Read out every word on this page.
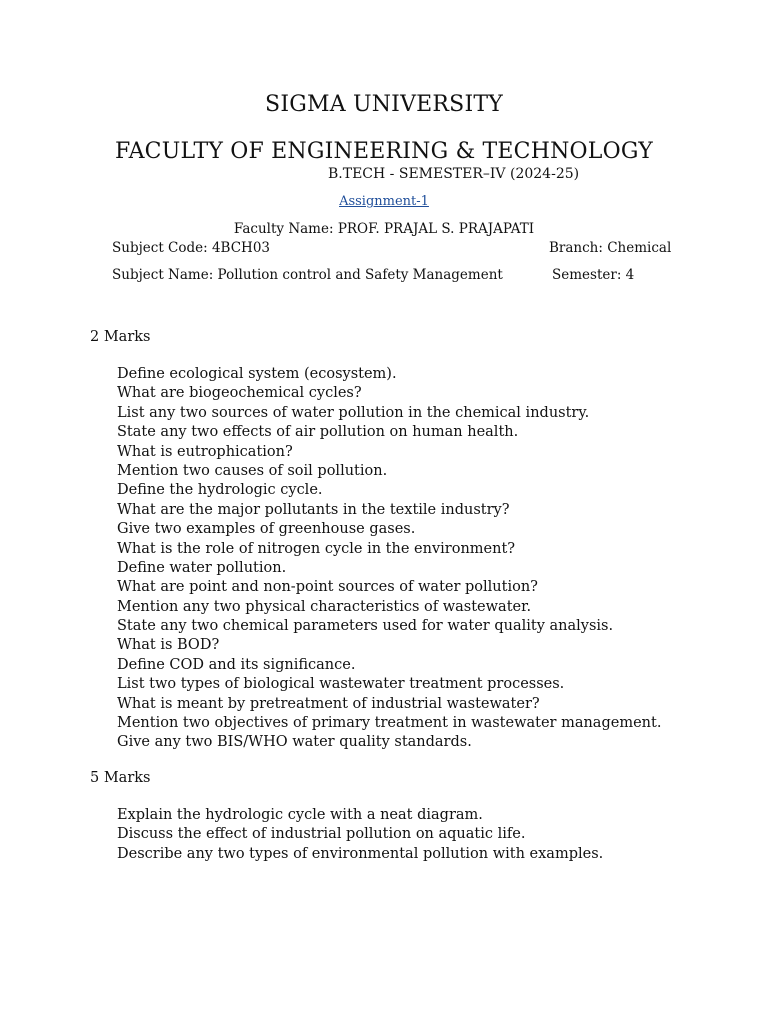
SIGMA UNIVERSITY
FACULTY OF ENGINEERING & TECHNOLOGY
B.TECH - SEMESTER–IV (2024-25)
Assignment-1
Faculty Name: PROF. PRAJAL S. PRAJAPATI
Subject Code: 4BCH03	Branch: Chemical
Subject Name: Pollution control and Safety Management	Semester: 4
2 Marks
Define ecological system (ecosystem).
What are biogeochemical cycles?
List any two sources of water pollution in the chemical industry.
State any two effects of air pollution on human health.
What is eutrophication?
Mention two causes of soil pollution.
Define the hydrologic cycle.
What are the major pollutants in the textile industry?
Give two examples of greenhouse gases.
What is the role of nitrogen cycle in the environment?
Define water pollution.
What are point and non-point sources of water pollution?
Mention any two physical characteristics of wastewater.
State any two chemical parameters used for water quality analysis.
What is BOD?
Define COD and its significance.
List two types of biological wastewater treatment processes.
What is meant by pretreatment of industrial wastewater?
Mention two objectives of primary treatment in wastewater management.
Give any two BIS/WHO water quality standards.
5 Marks
Explain the hydrologic cycle with a neat diagram.
Discuss the effect of industrial pollution on aquatic life.
Describe any two types of environmental pollution with examples.
